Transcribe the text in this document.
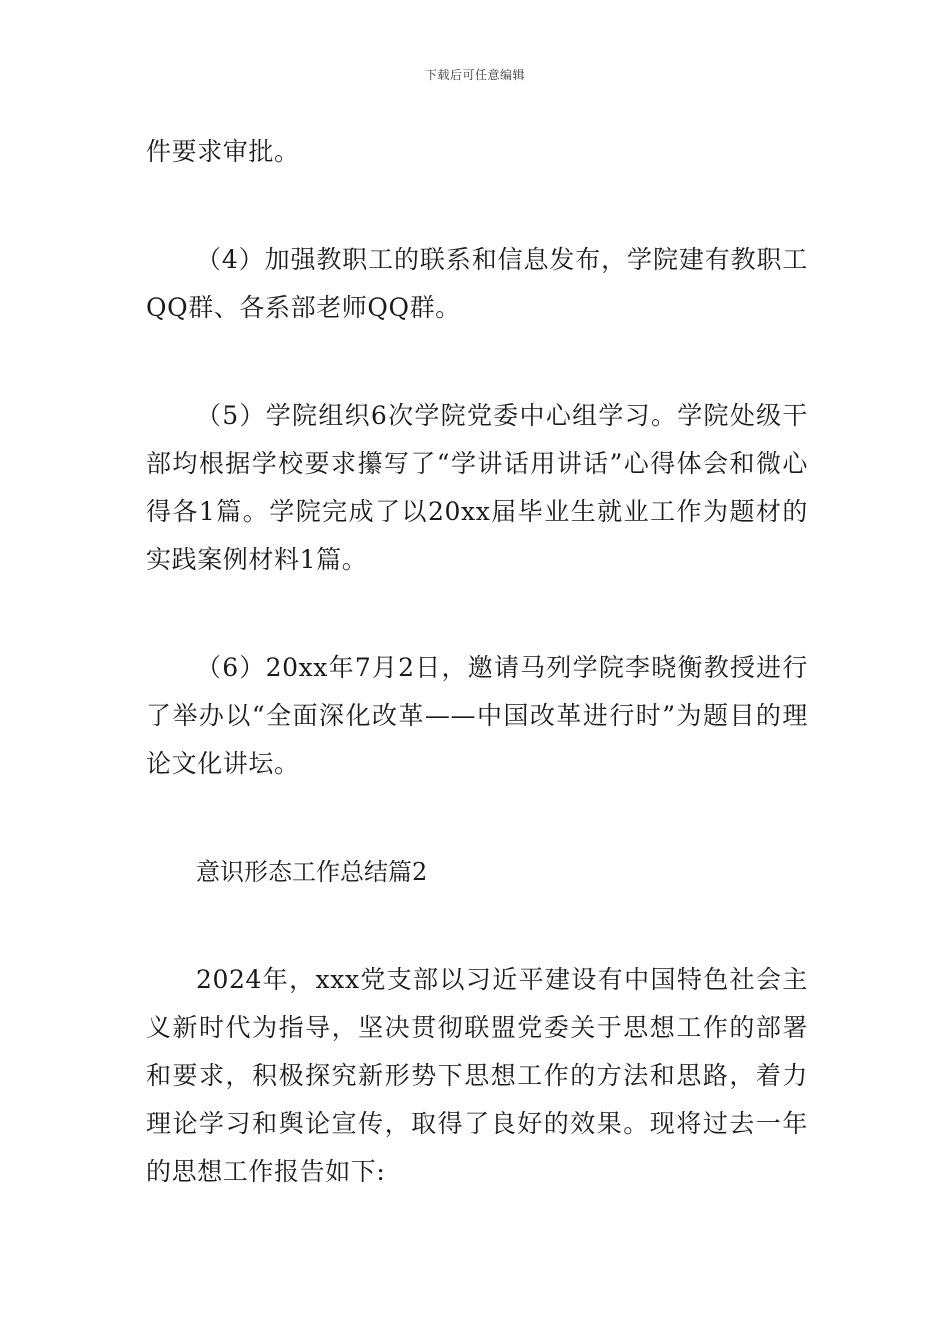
下载后可任意编辑

件要求审批。

（4）加强教职工的联系和信息发布，学院建有教职工QQ群、各系部老师QQ群。

（5）学院组织6次学院党委中心组学习。学院处级干部均根据学校要求攥写了“学讲话用讲话”心得体会和微心得各1篇。学院完成了以20xx届毕业生就业工作为题材的实践案例材料1篇。

（6）20xx年7月2日，邀请马列学院李晓衡教授进行了举办以“全面深化改革——中国改革进行时”为题目的理论文化讲坛。

意识形态工作总结篇2

2024年，xxx党支部以习近平建设有中国特色社会主义新时代为指导，坚决贯彻联盟党委关于思想工作的部署和要求，积极探究新形势下思想工作的方法和思路，着力理论学习和舆论宣传，取得了良好的效果。现将过去一年的思想工作报告如下:
